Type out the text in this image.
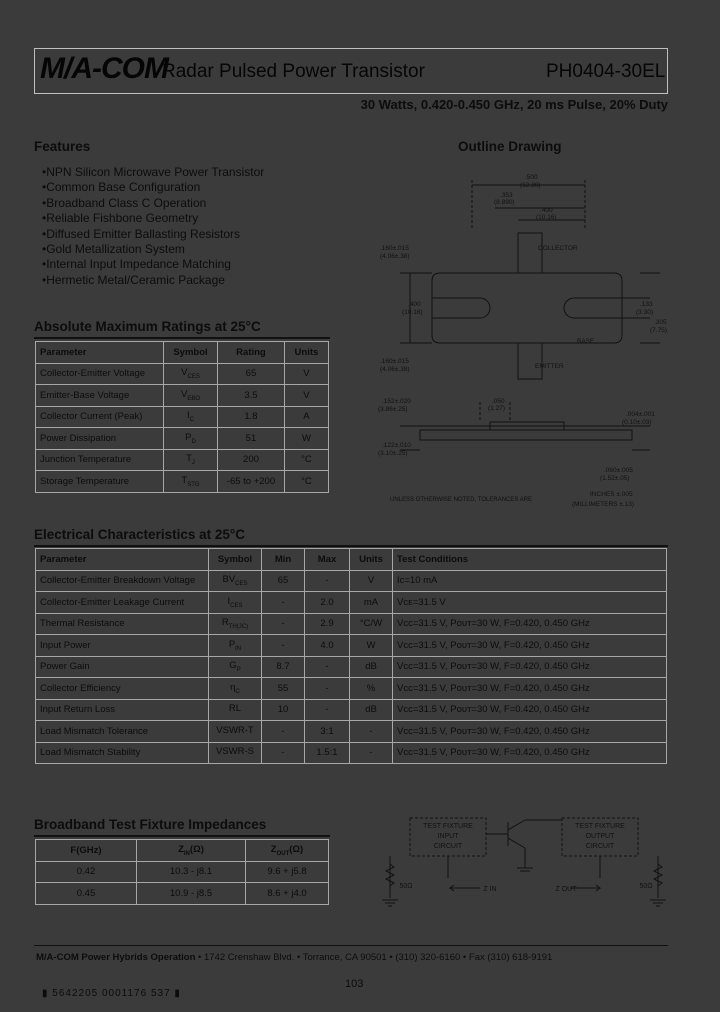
M/A-COM
Radar Pulsed Power Transistor	PH0404-30EL
30 Watts, 0.420-0.450 GHz, 20 ms Pulse, 20% Duty
Features
• NPN Silicon Microwave Power Transistor
• Common Base Configuration
• Broadband Class C Operation
• Reliable Fishbone Geometry
• Diffused Emitter Ballasting Resistors
• Gold Metallization System
• Internal Input Impedance Matching
• Hermetic Metal/Ceramic Package
Outline Drawing
.500
(12.80)
.353
(8.890)
.400
(10.16)
.160±.015
(4.06±.38)
COLLECTOR
.400
(10.16)
.133
(3.30)
.305
(7.75)
BASE
.160±.015
(4.06±.38)	EMITTER
.050
(1.27)
.152±.020
(3.86±.25)
.004±.001
(0.10±.03)
.122±.010
(3.10±.25)
.060±.005
(1.52±.05)
INCHES ±.005
(MILLIMETERS ±.13)
UNLESS OTHERWISE NOTED, TOLERANCES ARE
Absolute Maximum Ratings at 25°C
Parameter	Symbol	Rating	Units
Collector-Emitter Voltage	$V_{CES}$	65	V
Emitter-Base Voltage	$V_{EBO}$	3.5	V
Collector Current (Peak)	$I_C$	1.8	A
Power Dissipation	$P_D$	51	W
Junction Temperature	$T_J$	200	°C
Storage Temperature	$T_{STG}$	-65 to +200	°C
Electrical Characteristics at 25°C
Parameter	Symbol	Min	Max	Units	Test Conditions
Collector-Emitter Breakdown Voltage	$BV_{CES}$	65	-	V	Iᴄ=10 mA
Collector-Emitter Leakage Current	$I_{CES}$	-	2.0	mA	Vᴄᴇ=31.5 V
Thermal Resistance	$R_{TH(JC)}$	-	2.9	°C/W	Vᴄᴄ=31.5 V, Pᴏᴜᴛ=30 W, F=0.420, 0.450 GHz
Input Power	$P_{IN}$	-	4.0	W	Vᴄᴄ=31.5 V, Pᴏᴜᴛ=30 W, F=0.420, 0.450 GHz
Power Gain	$G_P$	8.7	-	dB	Vᴄᴄ=31.5 V, Pᴏᴜᴛ=30 W, F=0.420, 0.450 GHz
Collector Efficiency	$\eta_C$	55	-	%	Vᴄᴄ=31.5 V, Pᴏᴜᴛ=30 W, F=0.420, 0.450 GHz
Input Return Loss	RL	10	-	dB	Vᴄᴄ=31.5 V, Pᴏᴜᴛ=30 W, F=0.420, 0.450 GHz
Load Mismatch Tolerance	VSWR-T	-	3:1	-	Vᴄᴄ=31.5 V, Pᴏᴜᴛ=30 W, F=0.420, 0.450 GHz
Load Mismatch Stability	VSWR-S	-	1.5:1	-	Vᴄᴄ=31.5 V, Pᴏᴜᴛ=30 W, F=0.420, 0.450 GHz
Broadband Test Fixture Impedances
F(GHz)	$Z_{IN}(\Omega)$	$Z_{OUT}(\Omega)$
0.42	10.3 - j8.1	9.6 + j5.8
0.45	10.9 - j8.5	8.6 + j4.0
TEST FIXTURE
INPUT
CIRCUIT
TEST FIXTURE
OUTPUT
CIRCUIT
50Ω	50Ω
Z IN	Z OUT
M/A-COM Power Hybrids Operation • 1742 Crenshaw Blvd. • Torrance, CA 90501 • (310) 320-6160 • Fax (310) 618-9191
103
▮ 5642205 0001176 537 ▮
